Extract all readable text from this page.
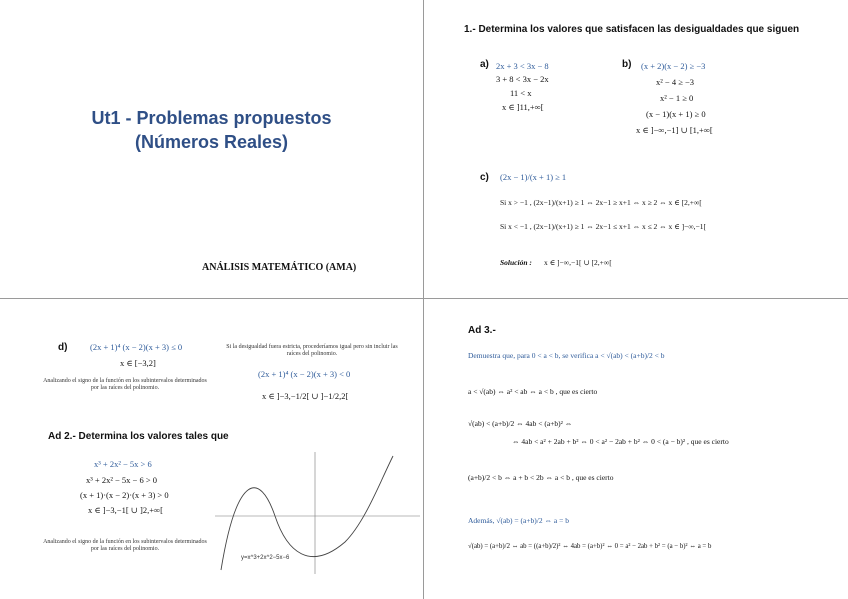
Ut1 - Problemas propuestos
(Números Reales)
ANÁLISIS MATEMÁTICO (AMA)
1.- Determina los valores que satisfacen las desigualdades que siguen
a) 2x + 3 < 3x − 8
3 + 8 < 3x − 2x
11 < x
x ∈ ]11,+∞[
b) (x + 2)(x − 2) ≥ −3
x² − 4 ≥ −3
x² − 1 ≥ 0
(x − 1)(x + 1) ≥ 0
x ∈ ]−∞,−1] ∪ [1,+∞[
c) (2x − 1)/(x + 1) ≥ 1
Si x > −1 , (2x−1)/(x+1) ≥ 1 ⇔ 2x−1 ≥ x+1 ⇔ x ≥ 2 ⇔ x ∈ [2,+∞[
Si x < −1 , (2x−1)/(x+1) ≥ 1 ⇔ 2x−1 ≤ x+1 ⇔ x ≤ 2 ⇔ x ∈ ]−∞,−1[
Solución : x ∈ ]−∞,−1[ ∪ [2,+∞[
d)	(2x + 1)⁴ (x − 2)(x + 3) ≤ 0
x ∈ [−3,2]
Analizando el signo de la función en los subintervalos determinados por las raíces del polinomio.
Si la desigualdad fuera estricta, procederíamos igual pero sin incluir las raíces del polinomio.
(2x + 1)⁴ (x − 2)(x + 3) < 0
x ∈ ]−3,−1/2[ ∪ ]−1/2,2[
Ad 2.- Determina los valores tales que
x³ + 2x² − 5x > 6
x³ + 2x² − 5x − 6 > 0
(x + 1)·(x − 2)·(x + 3) > 0
x ∈ ]−3,−1[ ∪ ]2,+∞[
Analizando el signo de la función en los subintervalos determinados por las raíces del polinomio.
y=x^3+2x^2−5x−6
Ad 3.-
Demuestra que, para 0 < a < b, se verifica a < √(ab) < (a+b)/2 < b
a < √(ab) ⇔ a² < ab ⇔ a < b , que es cierto
√(ab) < (a+b)/2 ⇔ 4ab < (a+b)² ⇔
⇔ 4ab < a² + 2ab + b² ⇔ 0 < a² − 2ab + b² ⇔ 0 < (a − b)² , que es cierto
(a+b)/2 < b ⇔ a + b < 2b ⇔ a < b , que es cierto
Además, √(ab) = (a+b)/2 ⇔ a = b
√(ab) = (a+b)/2 ⇔ ab = ((a+b)/2)² ⇔ 4ab = (a+b)² ⇔ 0 = a² − 2ab + b² = (a − b)² ⇔ a = b
